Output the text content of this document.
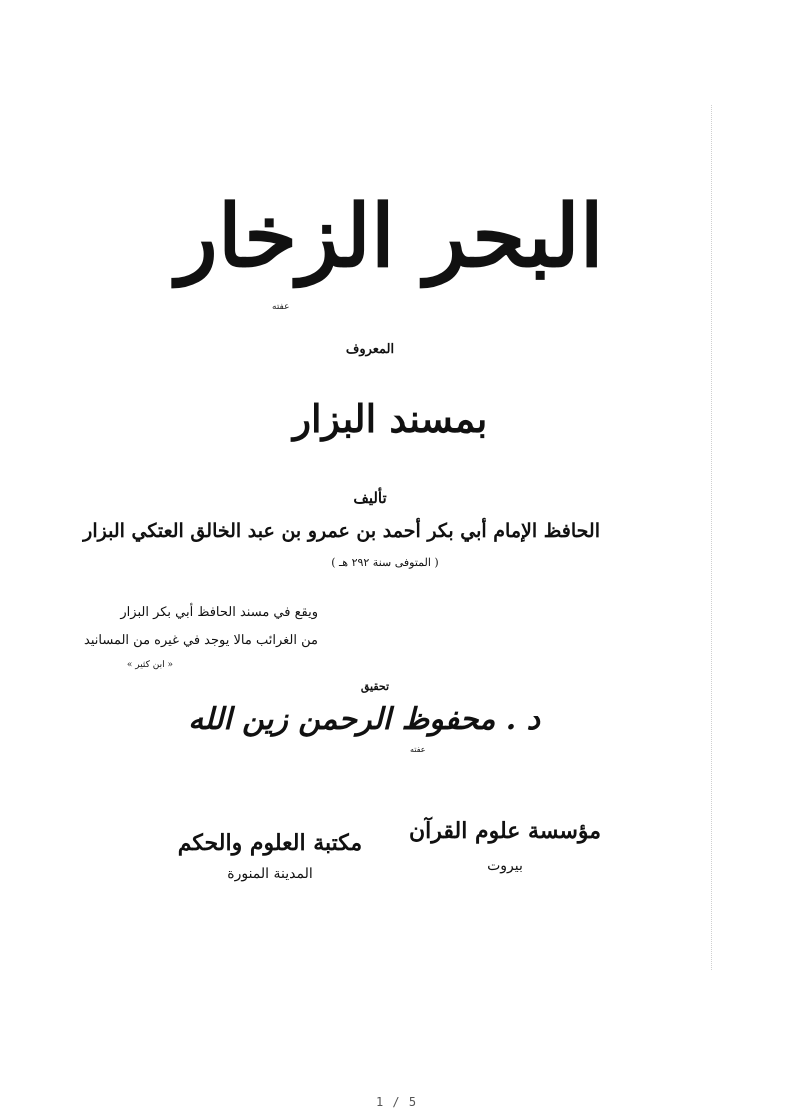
البحر الزخار
عفته
المعروف
بمسند البزار
تأليف
الحافظ الإمام أبي بكر أحمد بن عمرو بن عبد الخالق العتكي البزار
( المتوفى سنة ٢٩٢ هـ )
ويقع في مسند الحافظ أبي بكر البزار
من الغرائب مالا يوجد في غيره من المسانيد
« ابن كثير »
تحقيق
د . محفوظ الرحمن زين الله
عفته
مؤسسة علوم القرآن
بيروت
مكتبة العلوم والحكم
المدينة المنورة
1 / 5
